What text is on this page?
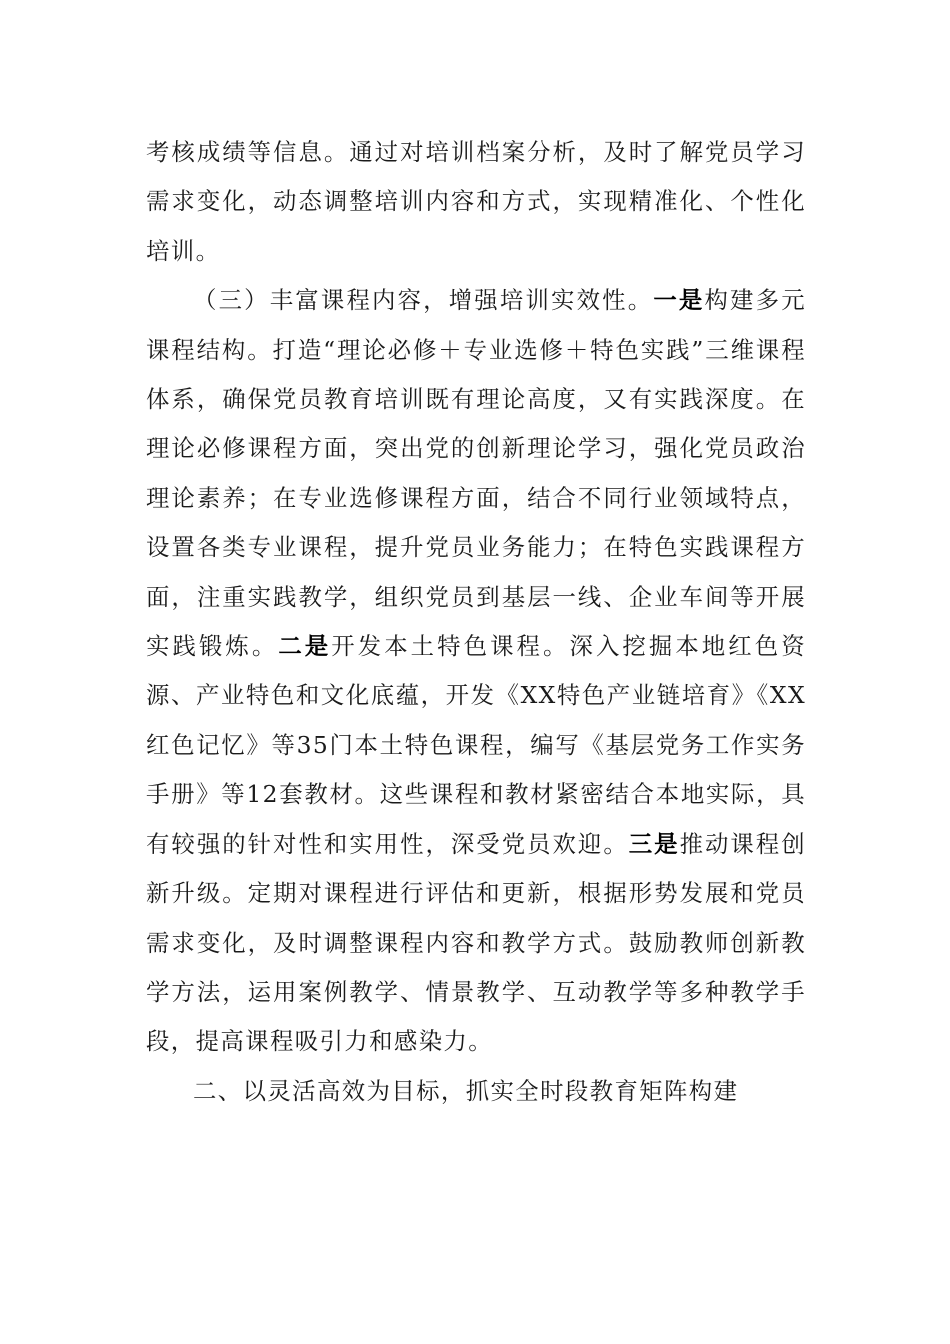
考核成绩等信息。通过对培训档案分析，及时了解党员学习需求变化，动态调整培训内容和方式，实现精准化、个性化培训。

（三）丰富课程内容，增强培训实效性。一是构建多元课程结构。打造“理论必修＋专业选修＋特色实践”三维课程体系，确保党员教育培训既有理论高度，又有实践深度。在理论必修课程方面，突出党的创新理论学习，强化党员政治理论素养；在专业选修课程方面，结合不同行业领域特点，设置各类专业课程，提升党员业务能力；在特色实践课程方面，注重实践教学，组织党员到基层一线、企业车间等开展实践锻炼。二是开发本土特色课程。深入挖掘本地红色资源、产业特色和文化底蕴，开发《XX特色产业链培育》《XX红色记忆》等35门本土特色课程，编写《基层党务工作实务手册》等12套教材。这些课程和教材紧密结合本地实际，具有较强的针对性和实用性，深受党员欢迎。三是推动课程创新升级。定期对课程进行评估和更新，根据形势发展和党员需求变化，及时调整课程内容和教学方式。鼓励教师创新教学方法，运用案例教学、情景教学、互动教学等多种教学手段，提高课程吸引力和感染力。

二、以灵活高效为目标，抓实全时段教育矩阵构建
